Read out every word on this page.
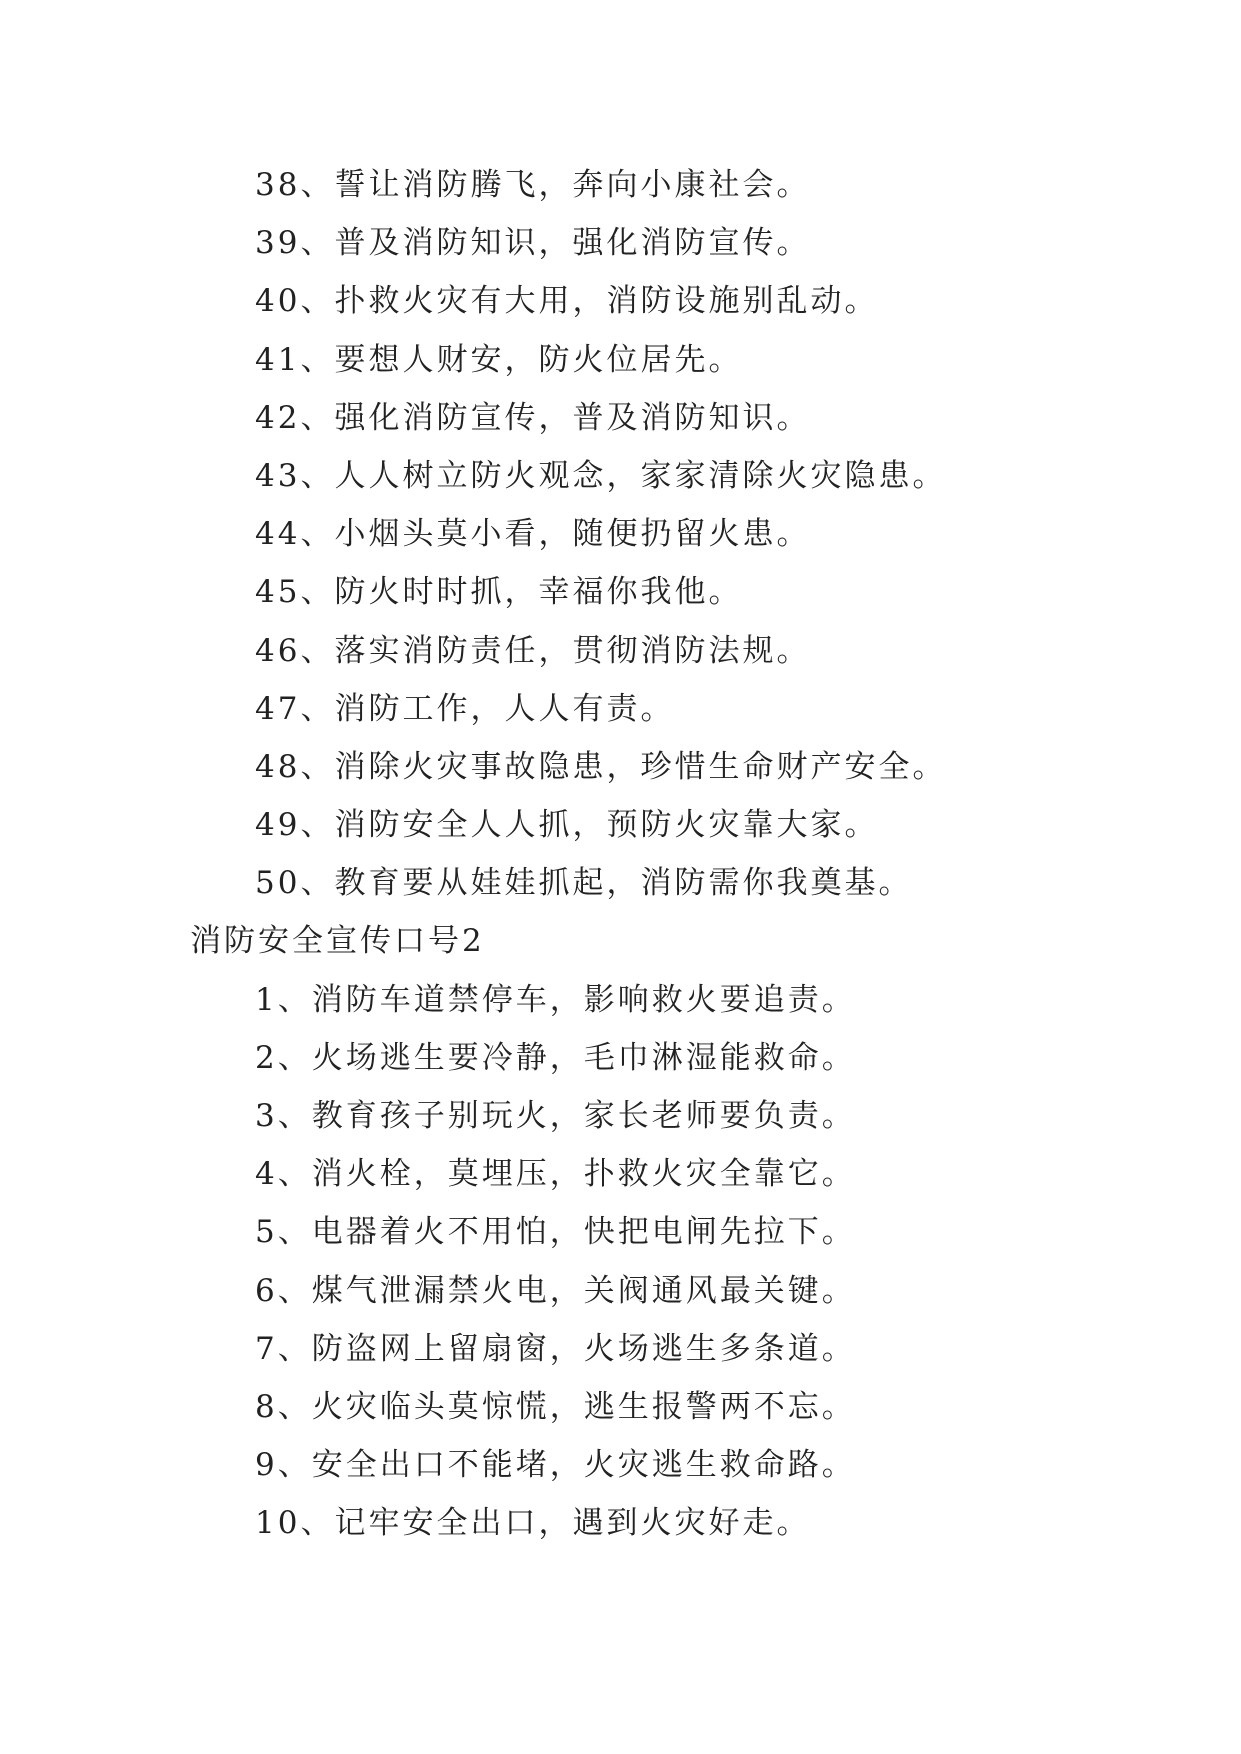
38、誓让消防腾飞，奔向小康社会。
39、普及消防知识，强化消防宣传。
40、扑救火灾有大用，消防设施别乱动。
41、要想人财安，防火位居先。
42、强化消防宣传，普及消防知识。
43、人人树立防火观念，家家清除火灾隐患。
44、小烟头莫小看，随便扔留火患。
45、防火时时抓，幸福你我他。
46、落实消防责任，贯彻消防法规。
47、消防工作，人人有责。
48、消除火灾事故隐患，珍惜生命财产安全。
49、消防安全人人抓，预防火灾靠大家。
50、教育要从娃娃抓起，消防需你我奠基。
消防安全宣传口号2
1、消防车道禁停车，影响救火要追责。
2、火场逃生要冷静，毛巾淋湿能救命。
3、教育孩子别玩火，家长老师要负责。
4、消火栓，莫埋压，扑救火灾全靠它。
5、电器着火不用怕，快把电闸先拉下。
6、煤气泄漏禁火电，关阀通风最关键。
7、防盗网上留扇窗，火场逃生多条道。
8、火灾临头莫惊慌，逃生报警两不忘。
9、安全出口不能堵，火灾逃生救命路。
10、记牢安全出口，遇到火灾好走。
